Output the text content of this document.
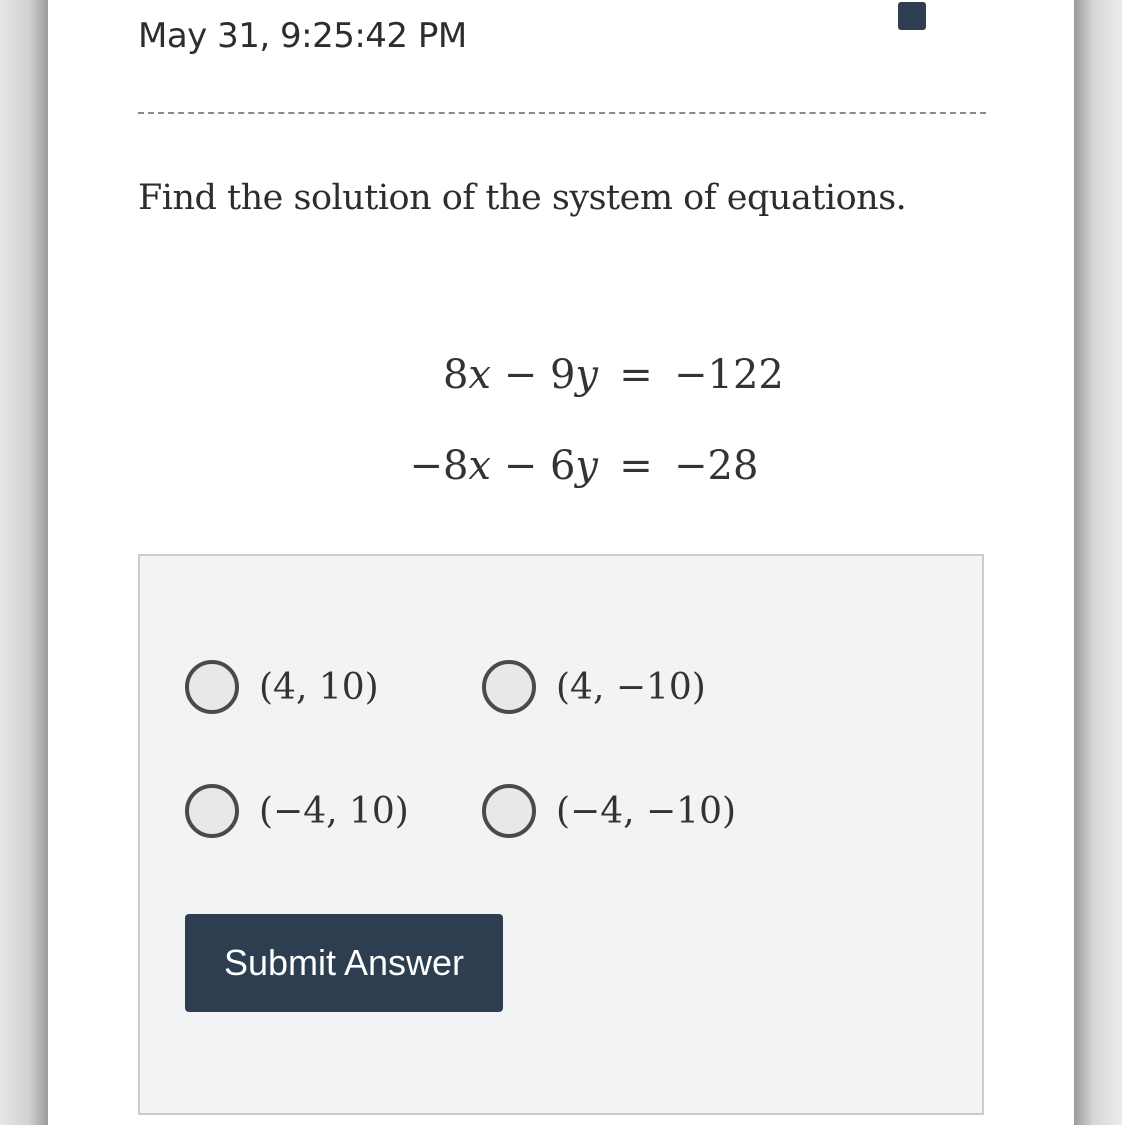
May 31, 9:25:42 PM
Find the solution of the system of equations.
8x − 9y = −122
−8x − 6y = −28
(4, 10)	(4, −10)
(−4, 10)	(−4, −10)
Submit Answer
